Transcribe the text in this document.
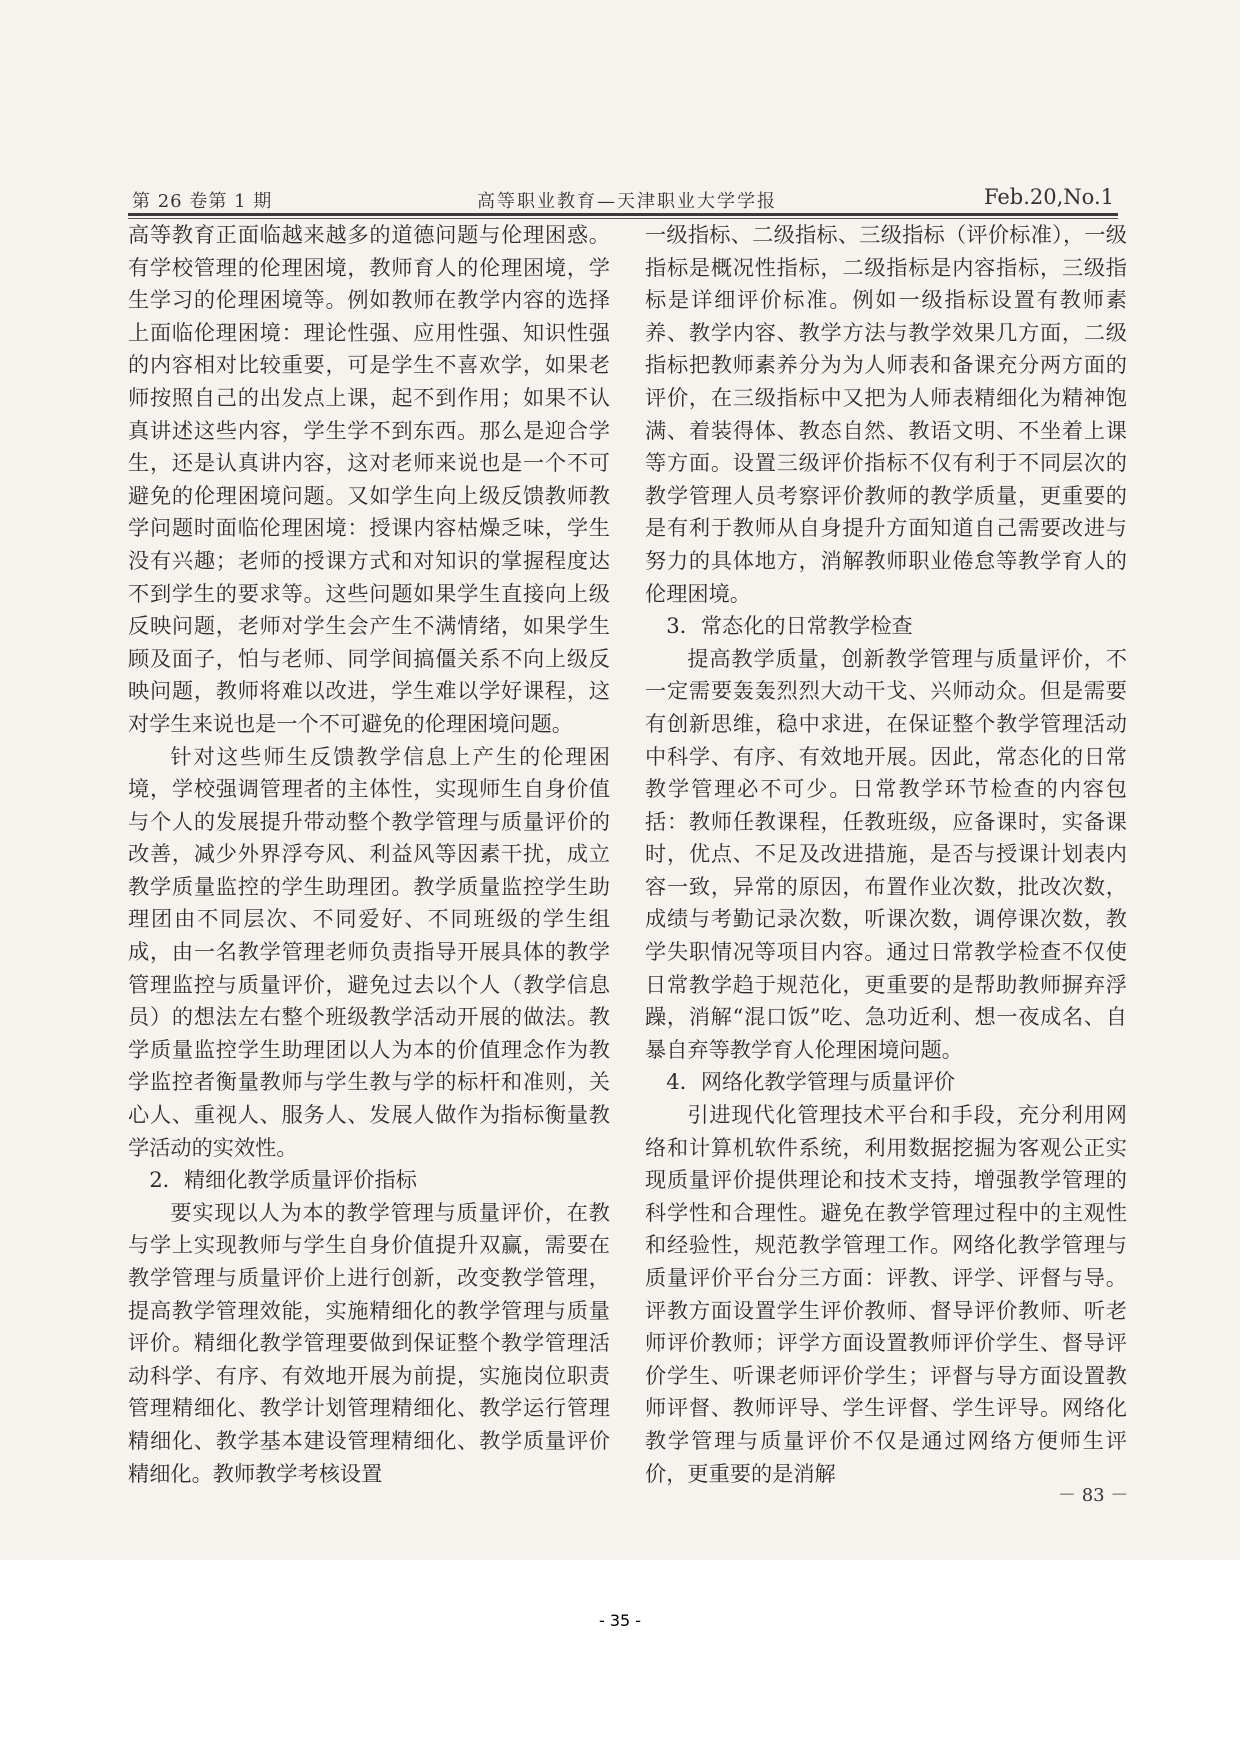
第 26 卷第 1 期	高等职业教育—天津职业大学学报	Feb.20,No.1

高等教育正面临越来越多的道德问题与伦理困惑。有学校管理的伦理困境，教师育人的伦理困境，学生学习的伦理困境等。例如教师在教学内容的选择上面临伦理困境：理论性强、应用性强、知识性强的内容相对比较重要，可是学生不喜欢学，如果老师按照自己的出发点上课，起不到作用；如果不认真讲述这些内容，学生学不到东西。那么是迎合学生，还是认真讲内容，这对老师来说也是一个不可避免的伦理困境问题。又如学生向上级反馈教师教学问题时面临伦理困境：授课内容枯燥乏味，学生没有兴趣；老师的授课方式和对知识的掌握程度达不到学生的要求等。这些问题如果学生直接向上级反映问题，老师对学生会产生不满情绪，如果学生顾及面子，怕与老师、同学间搞僵关系不向上级反映问题，教师将难以改进，学生难以学好课程，这对学生来说也是一个不可避免的伦理困境问题。

针对这些师生反馈教学信息上产生的伦理困境，学校强调管理者的主体性，实现师生自身价值与个人的发展提升带动整个教学管理与质量评价的改善，减少外界浮夸风、利益风等因素干扰，成立教学质量监控的学生助理团。教学质量监控学生助理团由不同层次、不同爱好、不同班级的学生组成，由一名教学管理老师负责指导开展具体的教学管理监控与质量评价，避免过去以个人（教学信息员）的想法左右整个班级教学活动开展的做法。教学质量监控学生助理团以人为本的价值理念作为教学监控者衡量教师与学生教与学的标杆和准则，关心人、重视人、服务人、发展人做作为指标衡量教学活动的实效性。

2．精细化教学质量评价指标

要实现以人为本的教学管理与质量评价，在教与学上实现教师与学生自身价值提升双赢，需要在教学管理与质量评价上进行创新，改变教学管理，提高教学管理效能，实施精细化的教学管理与质量评价。精细化教学管理要做到保证整个教学管理活动科学、有序、有效地开展为前提，实施岗位职责管理精细化、教学计划管理精细化、教学运行管理精细化、教学基本建设管理精细化、教学质量评价精细化。教师教学考核设置

一级指标、二级指标、三级指标（评价标准），一级指标是概况性指标，二级指标是内容指标，三级指标是详细评价标准。例如一级指标设置有教师素养、教学内容、教学方法与教学效果几方面，二级指标把教师素养分为为人师表和备课充分两方面的评价，在三级指标中又把为人师表精细化为精神饱满、着装得体、教态自然、教语文明、不坐着上课等方面。设置三级评价指标不仅有利于不同层次的教学管理人员考察评价教师的教学质量，更重要的是有利于教师从自身提升方面知道自己需要改进与努力的具体地方，消解教师职业倦怠等教学育人的伦理困境。

3．常态化的日常教学检查

提高教学质量，创新教学管理与质量评价，不一定需要轰轰烈烈大动干戈、兴师动众。但是需要有创新思维，稳中求进，在保证整个教学管理活动中科学、有序、有效地开展。因此，常态化的日常教学管理必不可少。日常教学环节检查的内容包括：教师任教课程，任教班级，应备课时，实备课时，优点、不足及改进措施，是否与授课计划表内容一致，异常的原因，布置作业次数，批改次数，成绩与考勤记录次数，听课次数，调停课次数，教学失职情况等项目内容。通过日常教学检查不仅使日常教学趋于规范化，更重要的是帮助教师摒弃浮躁，消解“混口饭”吃、急功近利、想一夜成名、自暴自弃等教学育人伦理困境问题。

4．网络化教学管理与质量评价

引进现代化管理技术平台和手段，充分利用网络和计算机软件系统，利用数据挖掘为客观公正实现质量评价提供理论和技术支持，增强教学管理的科学性和合理性。避免在教学管理过程中的主观性和经验性，规范教学管理工作。网络化教学管理与质量评价平台分三方面：评教、评学、评督与导。评教方面设置学生评价教师、督导评价教师、听老师评价教师；评学方面设置教师评价学生、督导评价学生、听课老师评价学生；评督与导方面设置教师评督、教师评导、学生评督、学生评导。网络化教学管理与质量评价不仅是通过网络方便师生评价，更重要的是消解

－ 83 －
- 35 -
